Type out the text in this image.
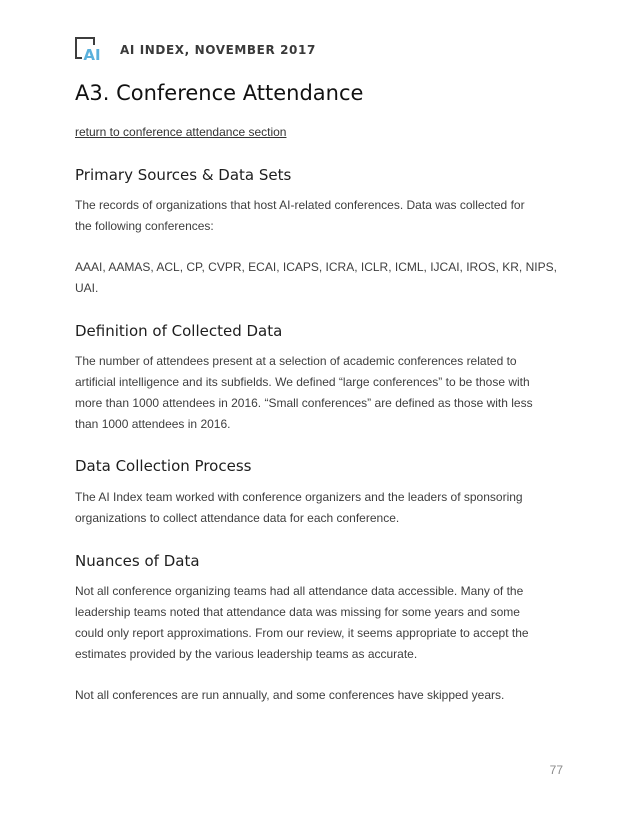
AI AI INDEX, NOVEMBER 2017
A3. Conference Attendance
return to conference attendance section
Primary Sources & Data Sets

The records of organizations that host AI-related conferences. Data was collected for
the following conferences:

AAAI, AAMAS, ACL, CP, CVPR, ECAI, ICAPS, ICRA, ICLR, ICML, IJCAI, IROS, KR, NIPS,
UAI.

Definition of Collected Data

The number of attendees present at a selection of academic conferences related to
artificial intelligence and its subfields. We defined “large conferences” to be those with
more than 1000 attendees in 2016. “Small conferences” are defined as those with less
than 1000 attendees in 2016.

Data Collection Process

The AI Index team worked with conference organizers and the leaders of sponsoring
organizations to collect attendance data for each conference.

Nuances of Data

Not all conference organizing teams had all attendance data accessible. Many of the
leadership teams noted that attendance data was missing for some years and some
could only report approximations. From our review, it seems appropriate to accept the
estimates provided by the various leadership teams as accurate.

Not all conferences are run annually, and some conferences have skipped years.

77
